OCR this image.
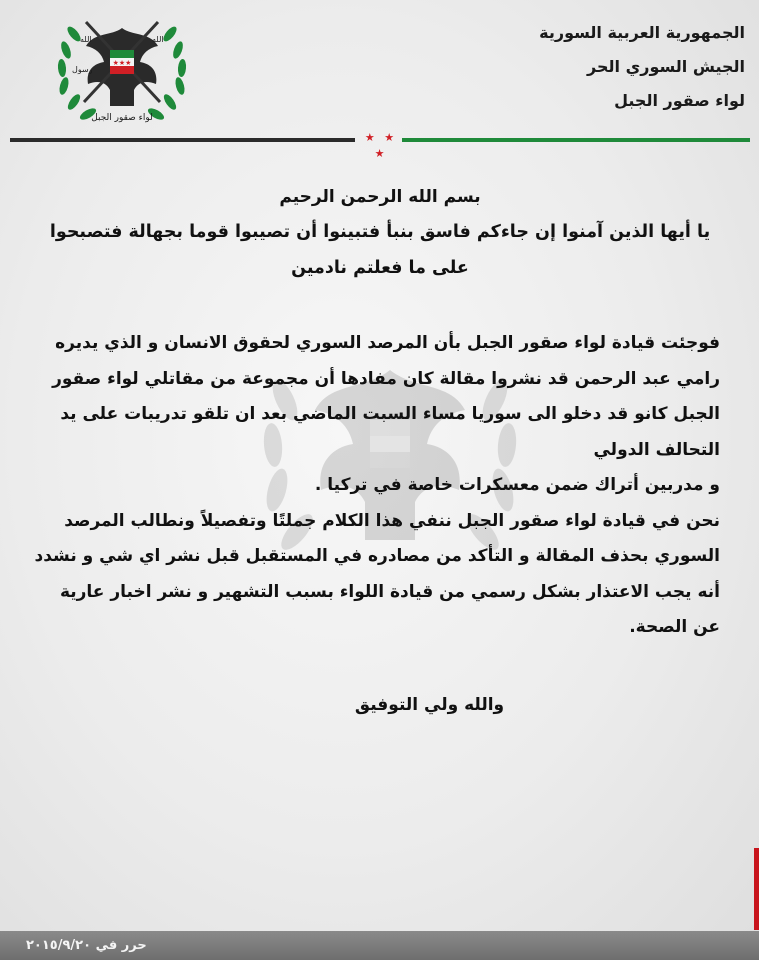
★★★
الله	الله
رسول
لواء صقور الجبل
الجمهورية العربية السورية
الجيش السوري الحر
لواء صقور الجبل
★ ★ ★
بسم الله الرحمن الرحيم
يا أيها الذين آمنوا إن جاءكم فاسق بنبأ فتبينوا أن تصيبوا قوما بجهالة فتصبحوا
على ما فعلتم نادمين
فوجئت قيادة لواء صقور الجبل بأن المرصد السوري لحقوق الانسان و الذي يديره
رامي عبد الرحمن قد نشروا مقالة كان مفادها أن مجموعة من مقاتلي لواء صقور
الجبل كانو قد دخلو الى سوريا مساء السبت الماضي بعد ان تلقو تدريبات على يد
التحالف الدولي
و مدربين أتراك ضمن معسكرات خاصة في تركيا .
نحن في قيادة لواء صقور الجبل ننفي هذا الكلام جملتًا وتفصيلاً ونطالب المرصد
السوري بحذف المقالة و التأكد من مصادره في المستقبل قبل نشر اي شي و نشدد
أنه يجب الاعتذار بشكل رسمي من قيادة اللواء بسبب التشهير و نشر اخبار عارية
عن الصحة.
والله ولي التوفيق
حرر في ٢٠١٥/٩/٢٠
